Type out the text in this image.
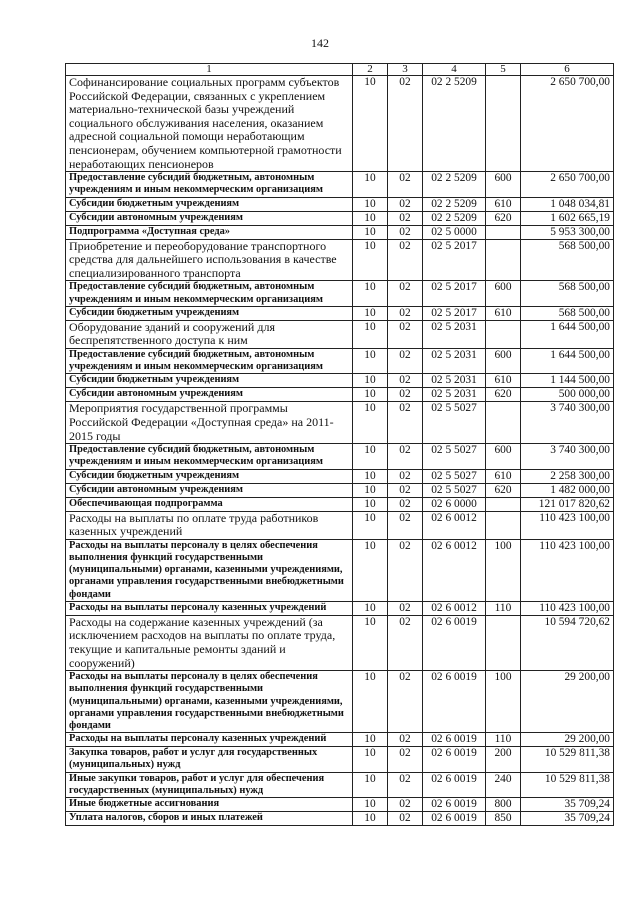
142
1	2	3	4	5	6
Софинансирование социальных программ субъектов Российской Федерации, связанных с укреплением материально-технической базы учреждений социального обслуживания населения, оказанием адресной социальной помощи неработающим пенсионерам, обучением компьютерной грамотности неработающих пенсионеров	10	02	02 2 5209		2 650 700,00
Предоставление субсидий бюджетным, автономным учреждениям и иным некоммерческим организациям	10	02	02 2 5209	600	2 650 700,00
Субсидии бюджетным учреждениям	10	02	02 2 5209	610	1 048 034,81
Субсидии автономным учреждениям	10	02	02 2 5209	620	1 602 665,19
Подпрограмма «Доступная среда»	10	02	02 5 0000		5 953 300,00
Приобретение и переоборудование транспортного средства для дальнейшего использования в качестве специализированного транспорта	10	02	02 5 2017		568 500,00
Предоставление субсидий бюджетным, автономным учреждениям и иным некоммерческим организациям	10	02	02 5 2017	600	568 500,00
Субсидии бюджетным учреждениям	10	02	02 5 2017	610	568 500,00
Оборудование зданий и сооружений для беспрепятственного доступа к ним	10	02	02 5 2031		1 644 500,00
Предоставление субсидий бюджетным, автономным учреждениям и иным некоммерческим организациям	10	02	02 5 2031	600	1 644 500,00
Субсидии бюджетным учреждениям	10	02	02 5 2031	610	1 144 500,00
Субсидии автономным учреждениям	10	02	02 5 2031	620	500 000,00
Мероприятия государственной программы Российской Федерации «Доступная среда» на 2011-2015 годы	10	02	02 5 5027		3 740 300,00
Предоставление субсидий бюджетным, автономным учреждениям и иным некоммерческим организациям	10	02	02 5 5027	600	3 740 300,00
Субсидии бюджетным учреждениям	10	02	02 5 5027	610	2 258 300,00
Субсидии автономным учреждениям	10	02	02 5 5027	620	1 482 000,00
Обеспечивающая подпрограмма	10	02	02 6 0000		121 017 820,62
Расходы на выплаты по оплате труда работников казенных учреждений	10	02	02 6 0012		110 423 100,00
Расходы на выплаты персоналу в целях обеспечения выполнения функций государственными (муниципальными) органами, казенными учреждениями, органами управления государственными внебюджетными фондами	10	02	02 6 0012	100	110 423 100,00
Расходы на выплаты персоналу казенных учреждений	10	02	02 6 0012	110	110 423 100,00
Расходы на содержание казенных учреждений (за исключением расходов на выплаты по оплате труда, текущие и капитальные ремонты зданий и сооружений)	10	02	02 6 0019		10 594 720,62
Расходы на выплаты персоналу в целях обеспечения выполнения функций государственными (муниципальными) органами, казенными учреждениями, органами управления государственными внебюджетными фондами	10	02	02 6 0019	100	29 200,00
Расходы на выплаты персоналу казенных учреждений	10	02	02 6 0019	110	29 200,00
Закупка товаров, работ и услуг для государственных (муниципальных) нужд	10	02	02 6 0019	200	10 529 811,38
Иные закупки товаров, работ и услуг для обеспечения государственных (муниципальных) нужд	10	02	02 6 0019	240	10 529 811,38
Иные бюджетные ассигнования	10	02	02 6 0019	800	35 709,24
Уплата налогов, сборов и иных платежей	10	02	02 6 0019	850	35 709,24
